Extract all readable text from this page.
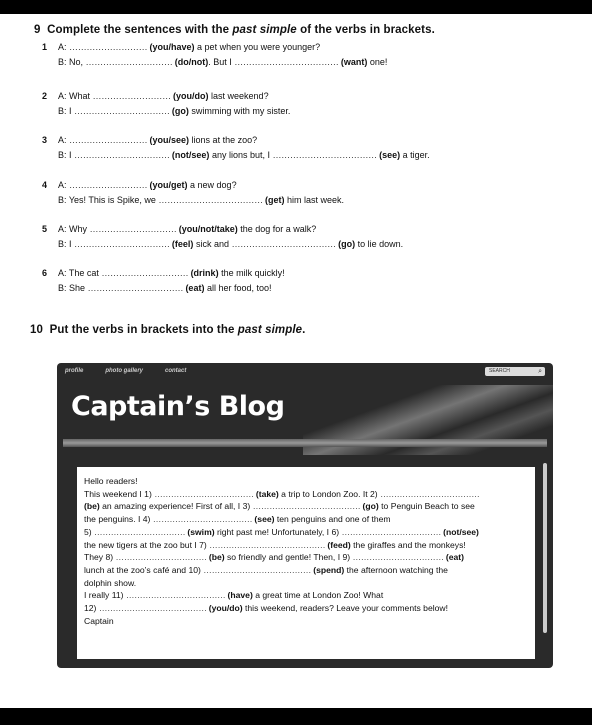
9 Complete the sentences with the past simple of the verbs in brackets.
1	A: ……………………… (you/have) a pet when you were younger?
B: No, ………………………… (do/not). But I ……………………………… (want) one!
2	A: What ……………………… (you/do) last weekend?
B: I …………………………… (go) swimming with my sister.
3	A: ……………………… (you/see) lions at the zoo?
B: I …………………………… (not/see) any lions but, I ……………………………… (see) a tiger.
4	A: ……………………… (you/get) a new dog?
B: Yes! This is Spike, we ……………………………… (get) him last week.
5	A: Why ………………………… (you/not/take) the dog for a walk?
B: I …………………………… (feel) sick and ……………………………… (go) to lie down.
6	A: The cat ………………………… (drink) the milk quickly!
B: She …………………………… (eat) all her food, too!
10 Put the verbs in brackets into the past simple.
profile	photo gallery	contact	SEARCH	⌕
Captain’s Blog
Hello readers!
This weekend I 1) ……………………………… (take) a trip to London Zoo. It 2) ………………………………
(be) an amazing experience! First of all, I 3) ………………………………… (go) to Penguin Beach to see
the penguins. I 4) ……………………………… (see) ten penguins and one of them
5) …………………………… (swim) right past me! Unfortunately, I 6) ……………………………… (not/see)
the new tigers at the zoo but I 7) …………………………………… (feed) the giraffes and the monkeys!
They 8) …………………………… (be) so friendly and gentle! Then, I 9) …………………………… (eat)
lunch at the zoo’s café and 10) ………………………………… (spend) the afternoon watching the
dolphin show.
I really 11) ……………………………… (have) a great time at London Zoo! What
12) ………………………………… (you/do) this weekend, readers? Leave your comments below!
Captain
